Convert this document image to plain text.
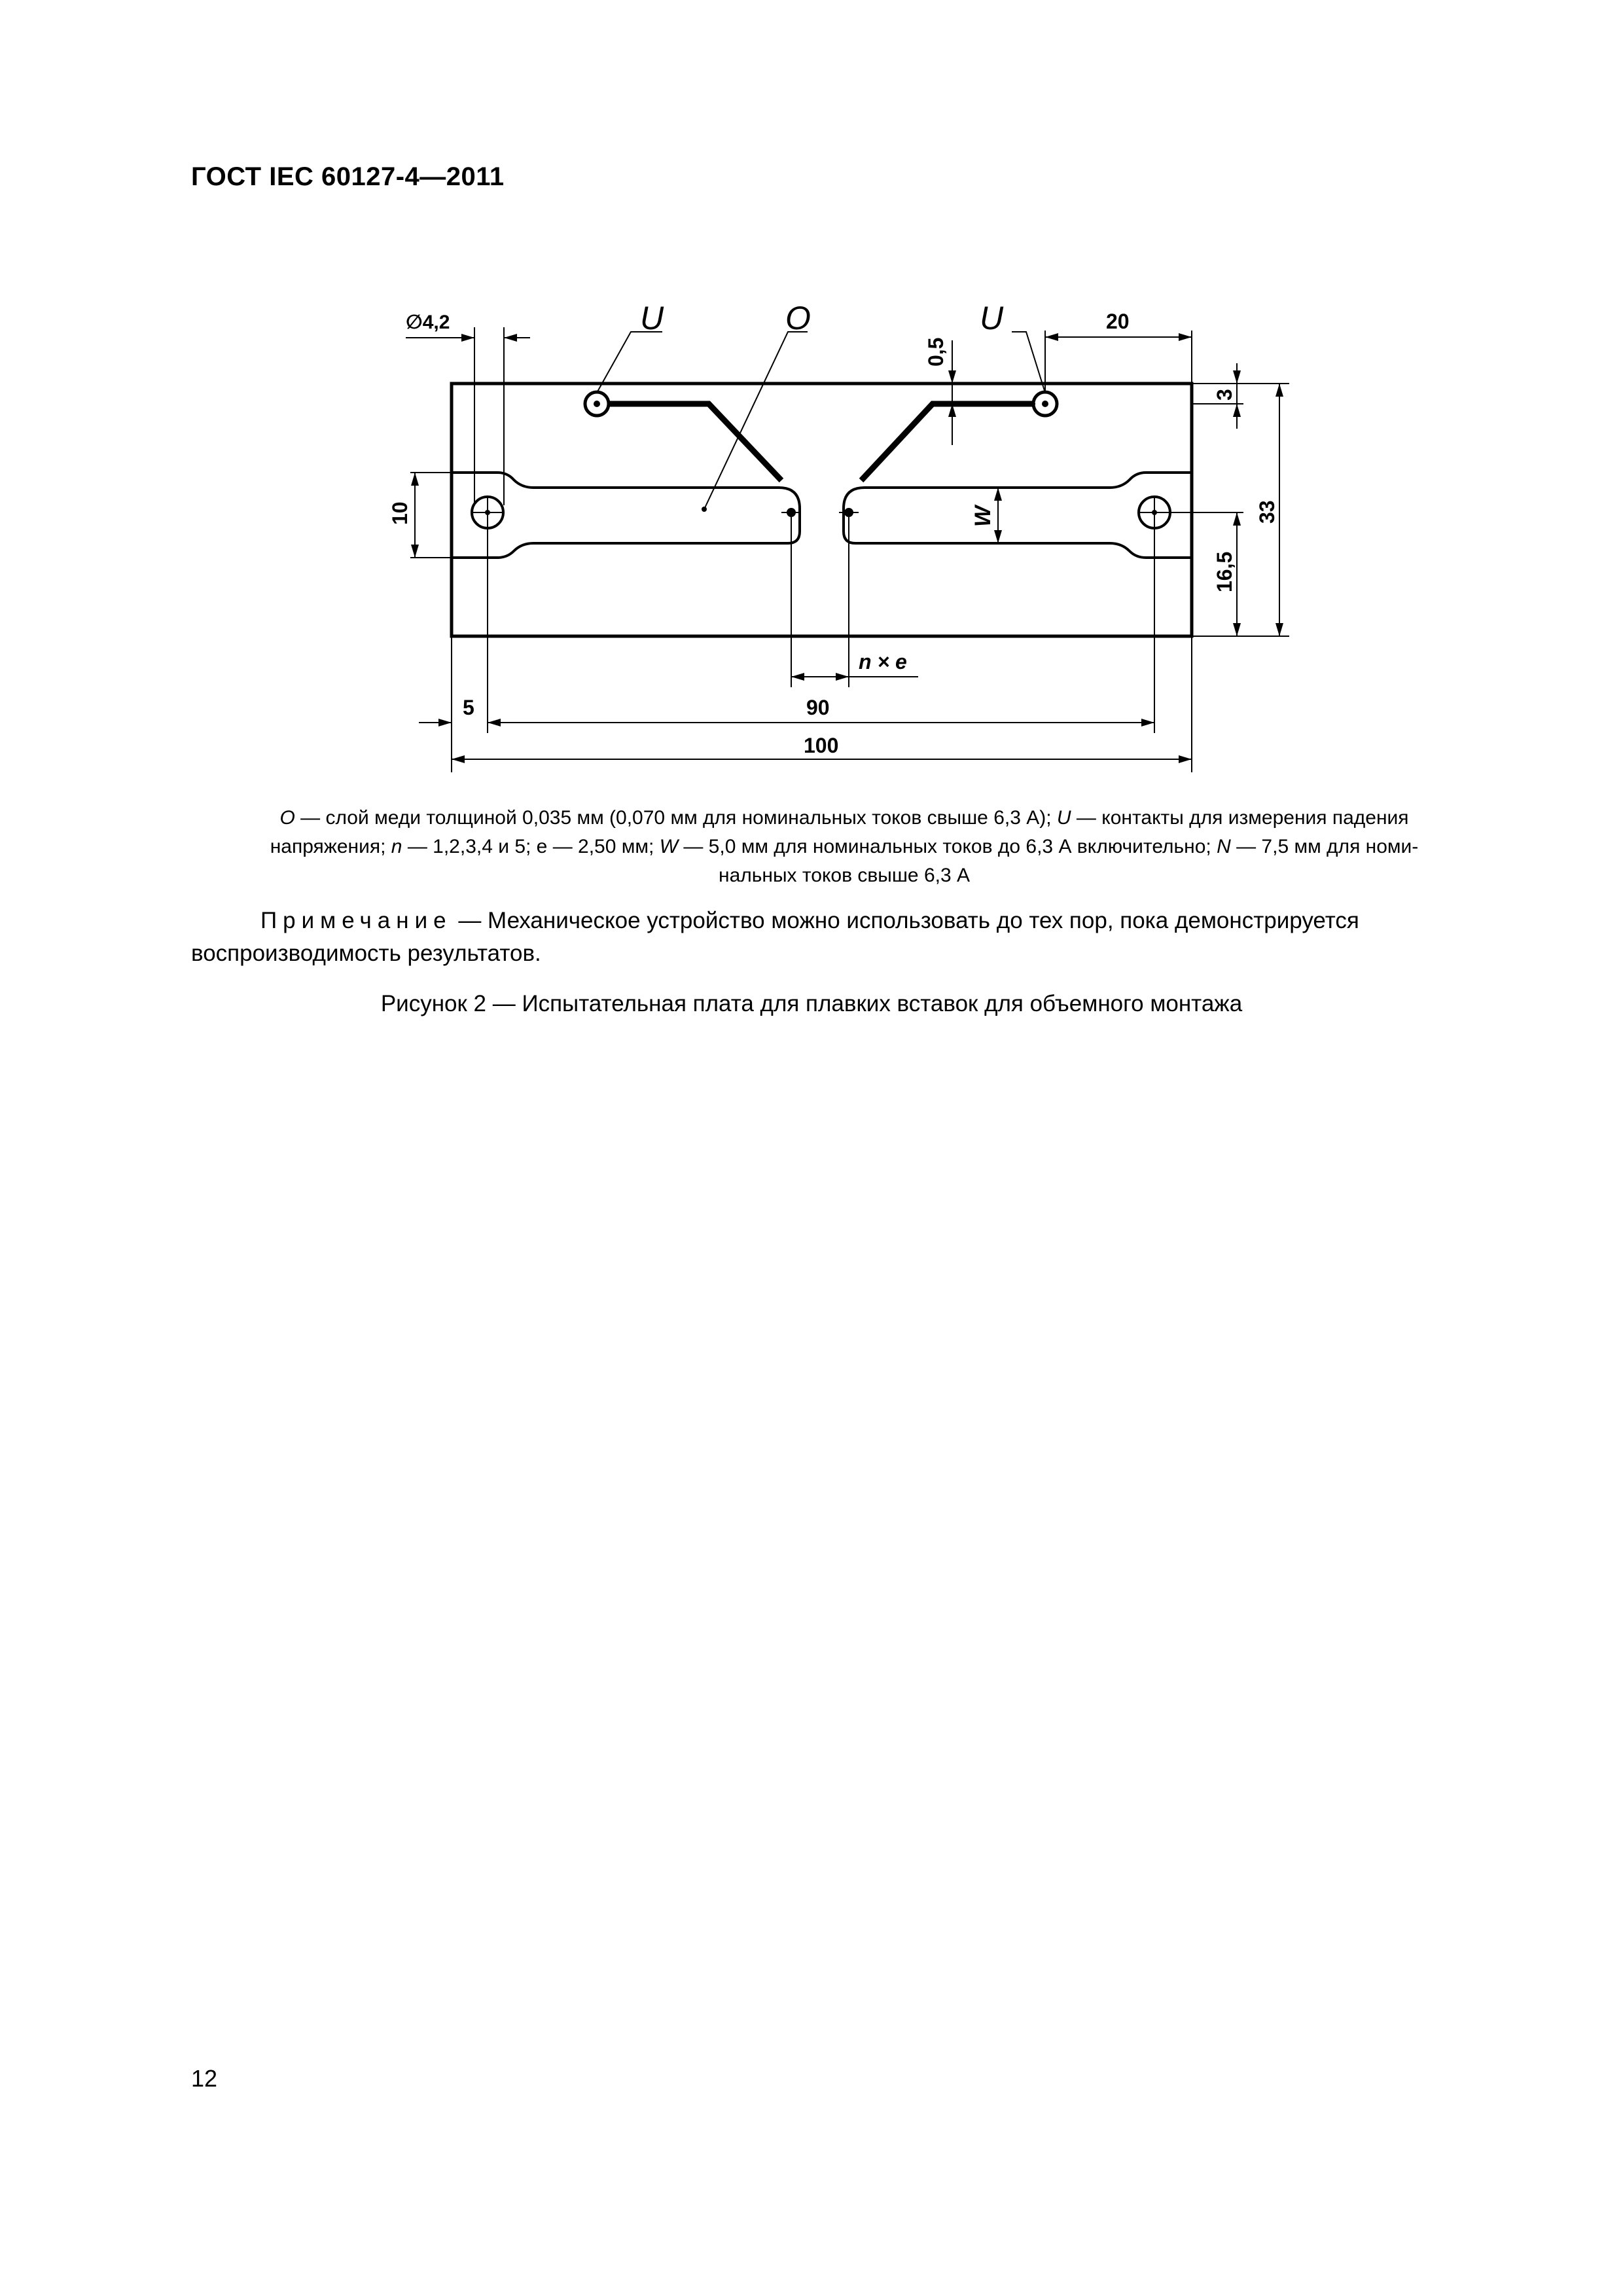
ГОСТ IEC 60127-4—2011
∅4,2	U	O	U	20
0,5
3
10	W	33
16,5
n × e
5	90
100
O — слой меди толщиной 0,035 мм (0,070 мм для номинальных токов свыше 6,3 А); U — контакты для измерения падения
напряжения; n — 1,2,3,4 и 5; e — 2,50 мм; W — 5,0 мм для номинальных токов до 6,3 А включительно; N — 7,5 мм для номи-
нальных токов свыше 6,3 А
Примечание — Механическое устройство можно использовать до тех пор, пока демонстрируется воспроизводимость результатов.
Рисунок 2 — Испытательная плата для плавких вставок для объемного монтажа
12
